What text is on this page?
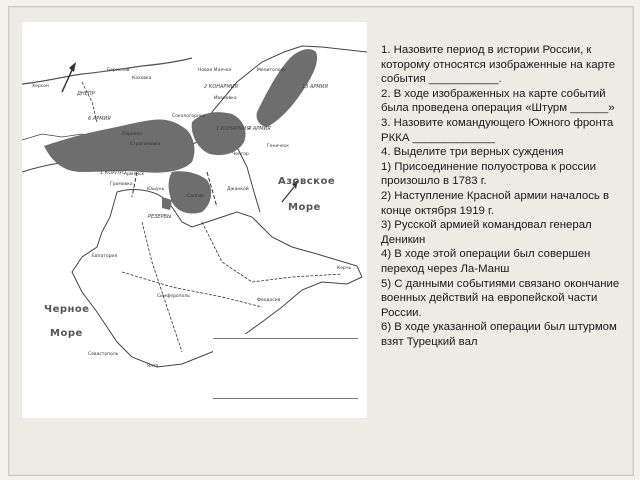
Азовское
Море
Черное
Море
Херсон
Берислав
Каховка
Мелитополь
Геническ
Перекоп
Армянск
Юшунь	Джанкой
Евпатория
Симферополь
Севастополь
Ялта
Феодосия
Керчь
Чонгар
Строгановка
Салгир
Сокологорное
Новая Маячка
Громовка
Ивановка
6 АРМИЯ
2 КОНАРМИЯ
1 КОНАРМИЯ
4 АРМИЯ
13 АРМИЯ
1 КОРПУС
РЕЗЕРВЫ
ДНЕПР

1. Назовите период в истории России, к которому относятся изображенные на карте события ___________.

2. В ходе изображенных на карте событий была проведена операция «Штурм ______»

3. Назовите командующего Южного фронта РККА _____________

4. Выделите три верных суждения

1) Присоединение полуострова к россии произошло в 1783 г.

2) Наступление Красной армии началось в конце октября 1919 г.

3) Русской армией командовал генерал Деникин

4) В ходе этой операции был совершен переход через Ла-Манш

5) С данными событиями связано окончание военных действий на европейской части России.

6) В ходе указанной операции был штурмом взят Турецкий вал
